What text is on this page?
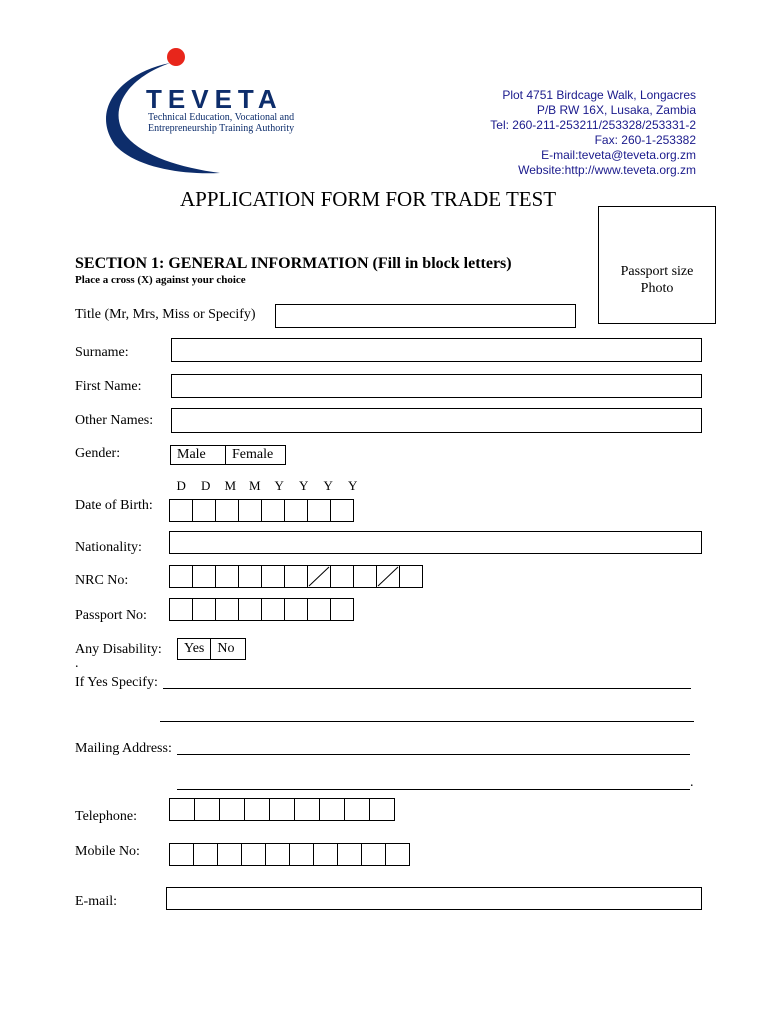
TEVETA
Technical Education, Vocational and
Entrepreneurship Training Authority
Plot 4751 Birdcage Walk, Longacres
P/B RW 16X, Lusaka, Zambia
Tel: 260-211-253211/253328/253331-2
Fax: 260-1-253382
E-mail:teveta@teveta.org.zm
Website:http://www.teveta.org.zm
APPLICATION FORM FOR TRADE TEST
Passport size
Photo
SECTION 1: GENERAL INFORMATION (Fill in block letters)
Place a cross (X) against your choice
Title (Mr, Mrs, Miss or Specify)
Surname:
First Name:
Other Names:
Gender:	Male	Female
D D M M Y Y Y Y
Date of Birth:
Nationality:
NRC No:
Passport No:
Any Disability:	Yes No
.
If Yes Specify:
Mailing Address:
.
Telephone:
Mobile No:
E-mail:
